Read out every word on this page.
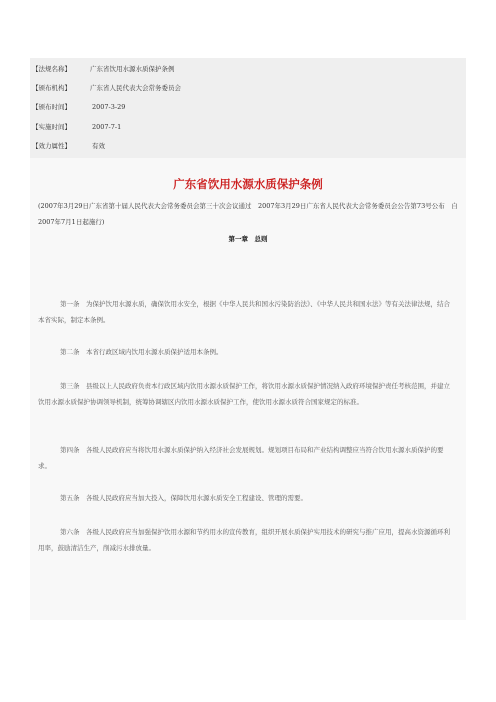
【法规名称】	广东省饮用水源水质保护条例
【颁布机构】	广东省人民代表大会常务委员会
【颁布时间】	2007-3-29
【实施时间】	2007-7-1
【效力属性】	有效
广东省饮用水源水质保护条例
(2007年3月29日广东省第十届人民代表大会常务委员会第三十次会议通过　2007年3月29日广东省人民代表大会常务委员会公告第73号公布　自2007年7月1日起施行)
第一章　总则
第一条　为保护饮用水源水质，确保饮用水安全，根据《中华人民共和国水污染防治法》、《中华人民共和国水法》等有关法律法规，结合本省实际，制定本条例。
第二条　本省行政区域内饮用水源水质保护适用本条例。
第三条　县级以上人民政府负责本行政区域内饮用水源水质保护工作，将饮用水源水质保护情况纳入政府环境保护责任考核范围，并建立饮用水源水质保护协调领导机制，统筹协调辖区内饮用水源水质保护工作，使饮用水源水质符合国家规定的标准。
第四条　各级人民政府应当将饮用水源水质保护纳入经济社会发展规划。规划项目布局和产业结构调整应当符合饮用水源水质保护的要求。
第五条　各级人民政府应当加大投入，保障饮用水源水质安全工程建设、管理的需要。
第六条　各级人民政府应当加强保护饮用水源和节约用水的宣传教育，组织开展水质保护实用技术的研究与推广应用，提高水资源循环利用率，鼓励清洁生产，削减污水排放量。
